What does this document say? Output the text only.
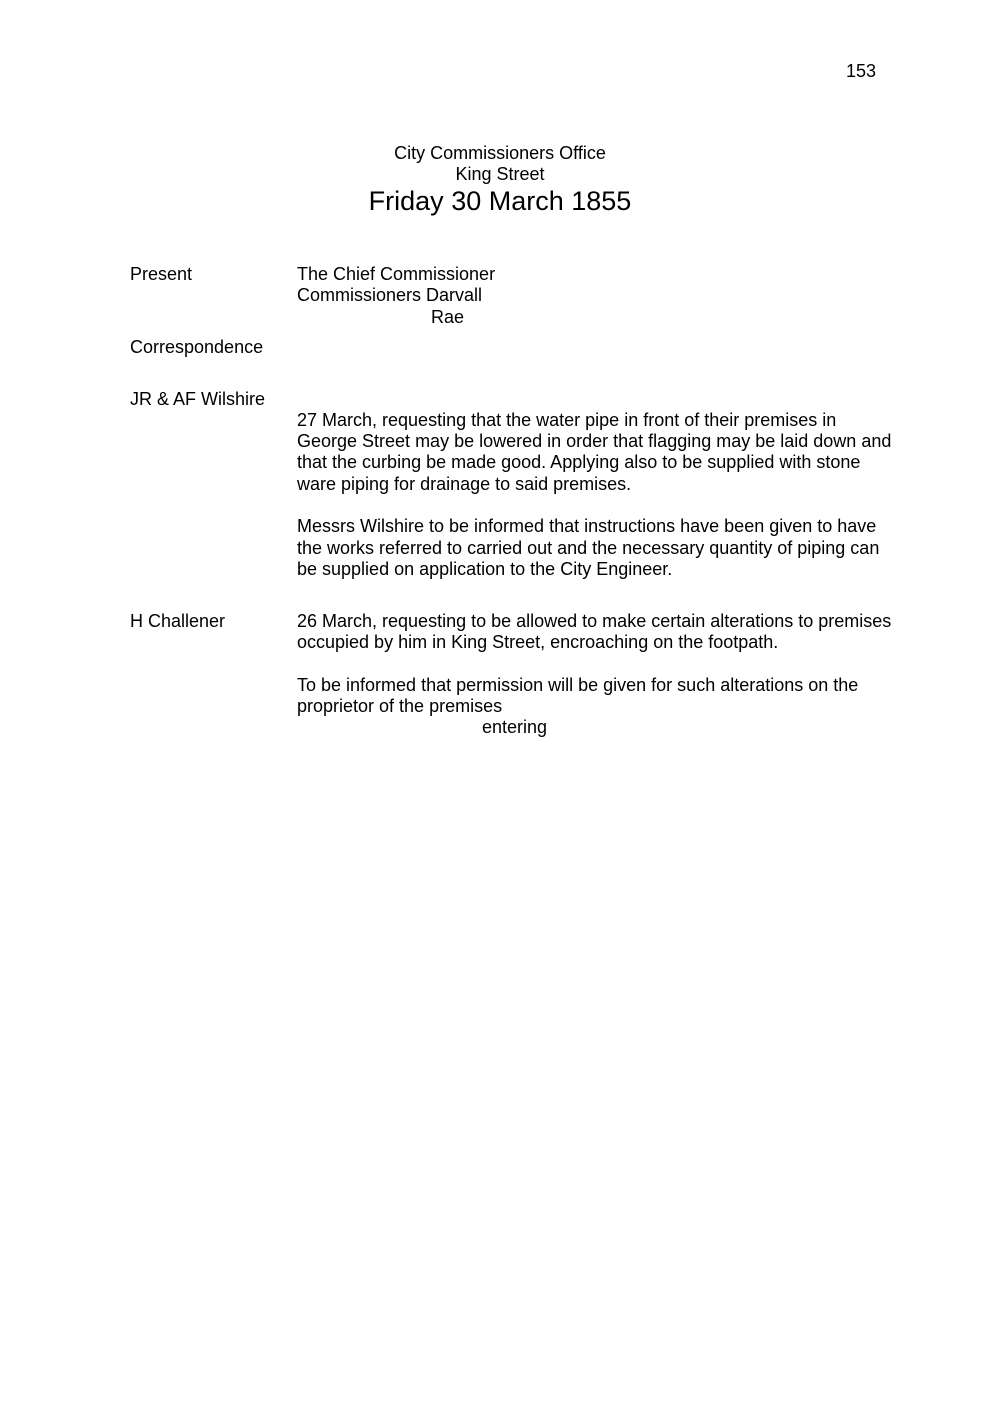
153
City Commissioners Office
King Street
Friday 30 March 1855
Present	The Chief Commissioner
Commissioners Darvall
Rae
Correspondence
JR & AF Wilshire
27 March, requesting that the water pipe in front of their premises in
George Street may be lowered in order that flagging may be laid down and
that the curbing be made good. Applying also to be supplied with stone
ware piping for drainage to said premises.
Messrs Wilshire to be informed that instructions have been given to have
the works referred to carried out and the necessary quantity of piping can
be supplied on application to the City Engineer.
H Challener	26 March, requesting to be allowed to make certain alterations to premises
occupied by him in King Street, encroaching on the footpath.
To be informed that permission will be given for such alterations on the
proprietor of the premises
entering
